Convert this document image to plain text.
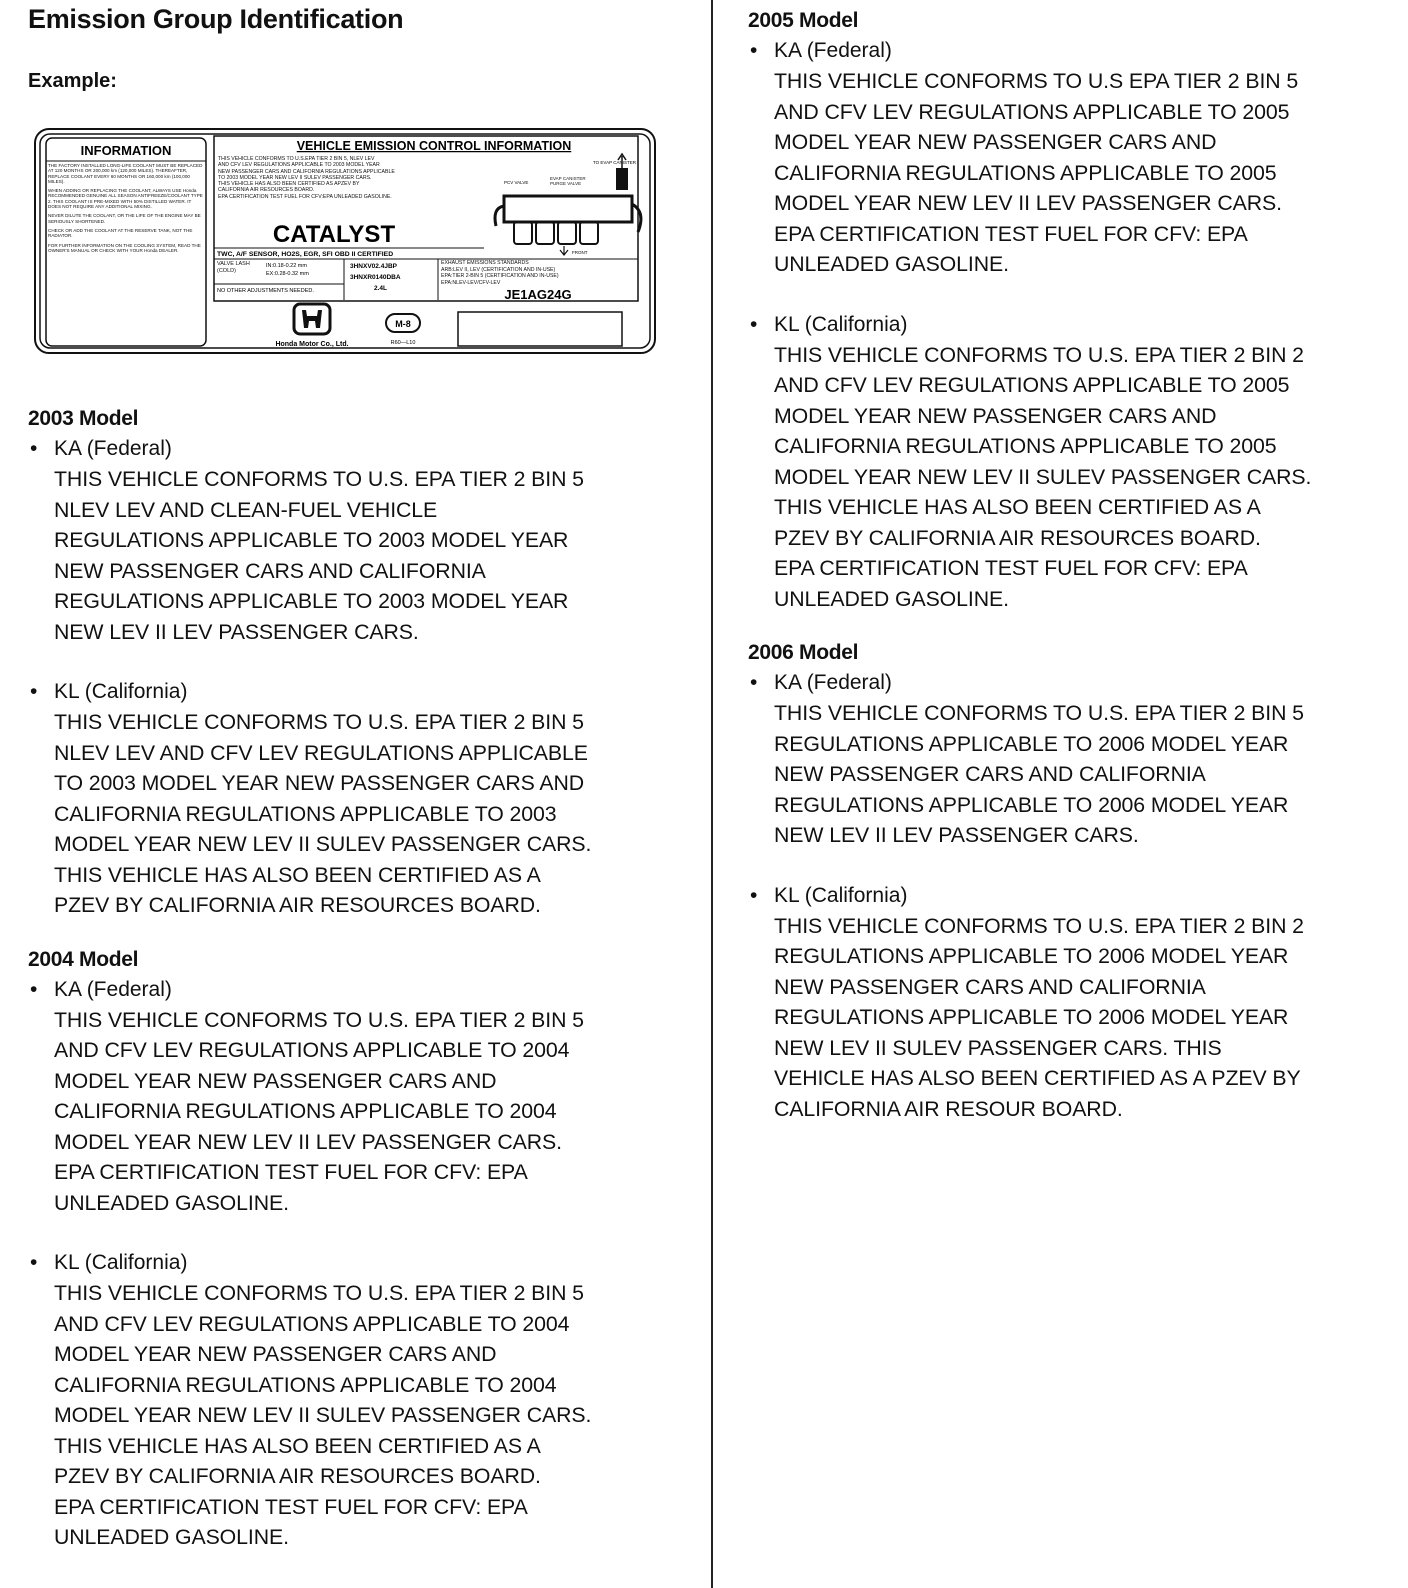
Emission Group Identification
Example:
INFORMATION
THE FACTORY INSTALLED LONG-LIFE COOLANT MUST BE REPLACED AT 120 MONTHS OR 200,000 km (120,000 MILES). THEREAFTER, REPLACE COOLANT EVERY 60 MONTHS OR 160,000 km (100,000 MILES).
WHEN ADDING OR REPLACING THE COOLANT, ALWAYS USE Honda RECOMMENDED GENUINE ALL SEASON ANTIFREEZE/COOLANT TYPE 2. THIS COOLANT IS PRE-MIXED WITH 50% DISTILLED WATER. IT DOES NOT REQUIRE ANY ADDITIONAL MIXING.
NEVER DILUTE THE COOLANT, OR THE LIFE OF THE ENGINE MAY BE SERIOUSLY SHORTENED.
CHECK OR ADD THE COOLANT AT THE RESERVE TANK, NOT THE RADIATOR.
FOR FURTHER INFORMATION ON THE COOLING SYSTEM, READ THE OWNER'S MANUAL OR CHECK WITH YOUR Honda DEALER.
VEHICLE EMISSION CONTROL INFORMATION
THIS VEHICLE CONFORMS TO U.S.EPA TIER 2 BIN 5, NLEV LEV
AND CFV LEV REGULATIONS APPLICABLE TO 2003 MODEL YEAR
NEW PASSENGER CARS AND CALIFORNIA REGULATIONS APPLICABLE
TO 2003 MODEL YEAR NEW LEV II SULEV PASSENGER CARS.
THIS VEHICLE HAS ALSO BEEN CERTIFIED AS APZEV BY
CALIFORNIA AIR RESOURCES BOARD.
EPA CERTIFICATION TEST FUEL FOR CFV:EPA UNLEADED GASOLINE.
CATALYST
TWC, A/F SENSOR, HO2S, EGR, SFI OBD II CERTIFIED
TO EVAP CANISTER
PCV VALVE
EVAP CANISTER PURGE VALVE
FRONT
VALVE LASH (COLD)
IN:0.18-0.22 mm
EX:0.28-0.32 mm
NO OTHER ADJUSTMENTS NEEDED.
3HNXV02.4JBP
3HNXR0140DBA
2.4L
EXHAUST EMISSIONS STANDARDS
ARB:LEV II, LEV (CERTIFICATION AND IN-USE)
EPA:TIER 2-BIN 5 (CERTIFICATION AND IN-USE)
EPA:NLEV-LEV/CFV-LEV
JE1AG24G
Honda Motor Co., Ltd.
M-8
R60—L10
2003 Model
• KA (Federal)
THIS VEHICLE CONFORMS TO U.S. EPA TIER 2 BIN 5
NLEV LEV AND CLEAN-FUEL VEHICLE
REGULATIONS APPLICABLE TO 2003 MODEL YEAR
NEW PASSENGER CARS AND CALIFORNIA
REGULATIONS APPLICABLE TO 2003 MODEL YEAR
NEW LEV II LEV PASSENGER CARS.
• KL (California)
THIS VEHICLE CONFORMS TO U.S. EPA TIER 2 BIN 5
NLEV LEV AND CFV LEV REGULATIONS APPLICABLE
TO 2003 MODEL YEAR NEW PASSENGER CARS AND
CALIFORNIA REGULATIONS APPLICABLE TO 2003
MODEL YEAR NEW LEV II SULEV PASSENGER CARS.
THIS VEHICLE HAS ALSO BEEN CERTIFIED AS A
PZEV BY CALIFORNIA AIR RESOURCES BOARD.
2004 Model
• KA (Federal)
THIS VEHICLE CONFORMS TO U.S. EPA TIER 2 BIN 5
AND CFV LEV REGULATIONS APPLICABLE TO 2004
MODEL YEAR NEW PASSENGER CARS AND
CALIFORNIA REGULATIONS APPLICABLE TO 2004
MODEL YEAR NEW LEV II LEV PASSENGER CARS.
EPA CERTIFICATION TEST FUEL FOR CFV: EPA
UNLEADED GASOLINE.
• KL (California)
THIS VEHICLE CONFORMS TO U.S. EPA TIER 2 BIN 5
AND CFV LEV REGULATIONS APPLICABLE TO 2004
MODEL YEAR NEW PASSENGER CARS AND
CALIFORNIA REGULATIONS APPLICABLE TO 2004
MODEL YEAR NEW LEV II SULEV PASSENGER CARS.
THIS VEHICLE HAS ALSO BEEN CERTIFIED AS A
PZEV BY CALIFORNIA AIR RESOURCES BOARD.
EPA CERTIFICATION TEST FUEL FOR CFV: EPA
UNLEADED GASOLINE.
2005 Model
• KA (Federal)
THIS VEHICLE CONFORMS TO U.S EPA TIER 2 BIN 5
AND CFV LEV REGULATIONS APPLICABLE TO 2005
MODEL YEAR NEW PASSENGER CARS AND
CALIFORNIA REGULATIONS APPLICABLE TO 2005
MODEL YEAR NEW LEV II LEV PASSENGER CARS.
EPA CERTIFICATION TEST FUEL FOR CFV: EPA
UNLEADED GASOLINE.
• KL (California)
THIS VEHICLE CONFORMS TO U.S. EPA TIER 2 BIN 2
AND CFV LEV REGULATIONS APPLICABLE TO 2005
MODEL YEAR NEW PASSENGER CARS AND
CALIFORNIA REGULATIONS APPLICABLE TO 2005
MODEL YEAR NEW LEV II SULEV PASSENGER CARS.
THIS VEHICLE HAS ALSO BEEN CERTIFIED AS A
PZEV BY CALIFORNIA AIR RESOURCES BOARD.
EPA CERTIFICATION TEST FUEL FOR CFV: EPA
UNLEADED GASOLINE.
2006 Model
• KA (Federal)
THIS VEHICLE CONFORMS TO U.S. EPA TIER 2 BIN 5
REGULATIONS APPLICABLE TO 2006 MODEL YEAR
NEW PASSENGER CARS AND CALIFORNIA
REGULATIONS APPLICABLE TO 2006 MODEL YEAR
NEW LEV II LEV PASSENGER CARS.
• KL (California)
THIS VEHICLE CONFORMS TO U.S. EPA TIER 2 BIN 2
REGULATIONS APPLICABLE TO 2006 MODEL YEAR
NEW PASSENGER CARS AND CALIFORNIA
REGULATIONS APPLICABLE TO 2006 MODEL YEAR
NEW LEV II SULEV PASSENGER CARS. THIS
VEHICLE HAS ALSO BEEN CERTIFIED AS A PZEV BY
CALIFORNIA AIR RESOUR BOARD.
